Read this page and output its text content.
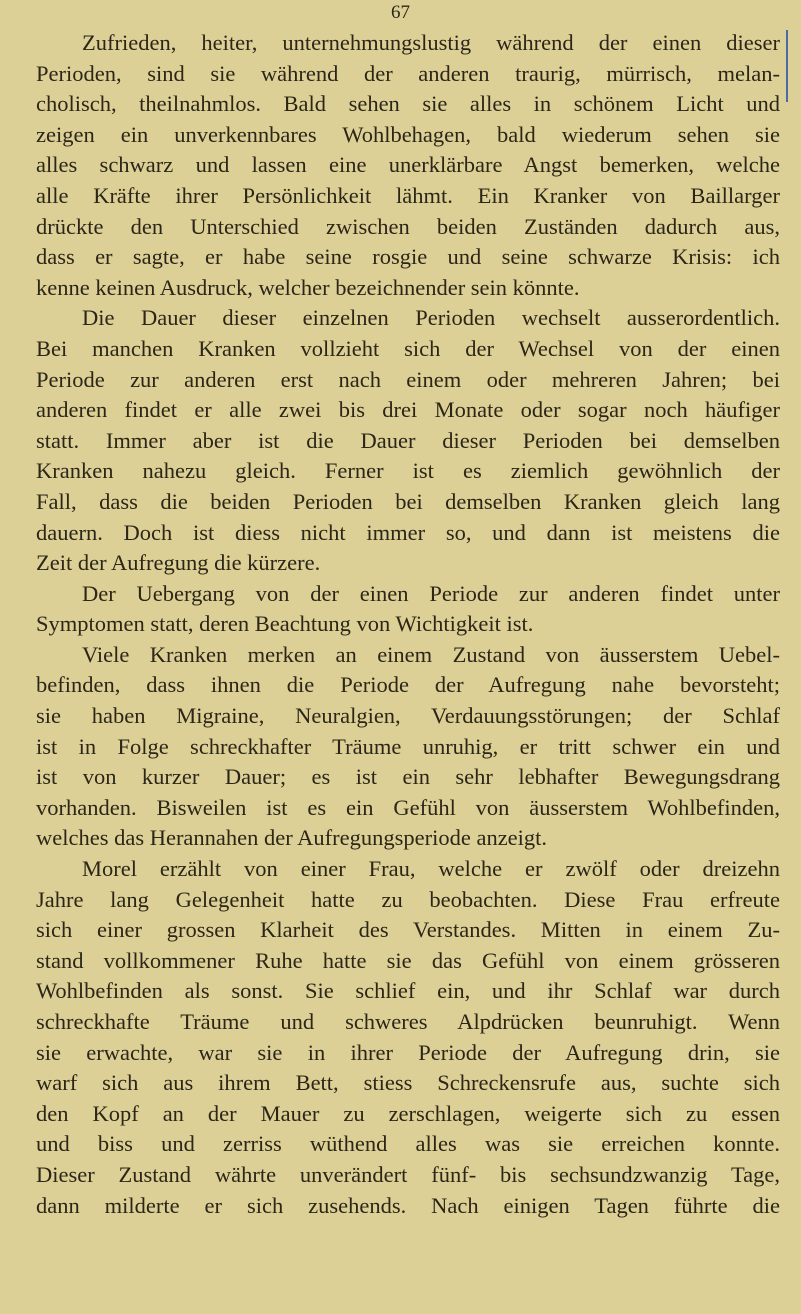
67
Zufrieden, heiter, unternehmungslustig während der einen dieser
Perioden, sind sie während der anderen traurig, mürrisch, melan-
cholisch, theilnahmlos. Bald sehen sie alles in schönem Licht und
zeigen ein unverkennbares Wohlbehagen, bald wiederum sehen sie
alles schwarz und lassen eine unerklärbare Angst bemerken, welche
alle Kräfte ihrer Persönlichkeit lähmt. Ein Kranker von Baillarger
drückte den Unterschied zwischen beiden Zuständen dadurch aus,
dass er sagte, er habe seine rosgie und seine schwarze Krisis: ich
kenne keinen Ausdruck, welcher bezeichnender sein könnte.
Die Dauer dieser einzelnen Perioden wechselt ausserordentlich.
Bei manchen Kranken vollzieht sich der Wechsel von der einen
Periode zur anderen erst nach einem oder mehreren Jahren; bei
anderen findet er alle zwei bis drei Monate oder sogar noch häufiger
statt. Immer aber ist die Dauer dieser Perioden bei demselben
Kranken nahezu gleich. Ferner ist es ziemlich gewöhnlich der
Fall, dass die beiden Perioden bei demselben Kranken gleich lang
dauern. Doch ist diess nicht immer so, und dann ist meistens die
Zeit der Aufregung die kürzere.
Der Uebergang von der einen Periode zur anderen findet unter
Symptomen statt, deren Beachtung von Wichtigkeit ist.
Viele Kranken merken an einem Zustand von äusserstem Uebel-
befinden, dass ihnen die Periode der Aufregung nahe bevorsteht;
sie haben Migraine, Neuralgien, Verdauungsstörungen; der Schlaf
ist in Folge schreckhafter Träume unruhig, er tritt schwer ein und
ist von kurzer Dauer; es ist ein sehr lebhafter Bewegungsdrang
vorhanden. Bisweilen ist es ein Gefühl von äusserstem Wohlbefinden,
welches das Herannahen der Aufregungsperiode anzeigt.
Morel erzählt von einer Frau, welche er zwölf oder dreizehn
Jahre lang Gelegenheit hatte zu beobachten. Diese Frau erfreute
sich einer grossen Klarheit des Verstandes. Mitten in einem Zu-
stand vollkommener Ruhe hatte sie das Gefühl von einem grösseren
Wohlbefinden als sonst. Sie schlief ein, und ihr Schlaf war durch
schreckhafte Träume und schweres Alpdrücken beunruhigt. Wenn
sie erwachte, war sie in ihrer Periode der Aufregung drin, sie
warf sich aus ihrem Bett, stiess Schreckensrufe aus, suchte sich
den Kopf an der Mauer zu zerschlagen, weigerte sich zu essen
und biss und zerriss wüthend alles was sie erreichen konnte.
Dieser Zustand währte unverändert fünf- bis sechsundzwanzig Tage,
dann milderte er sich zusehends. Nach einigen Tagen führte die
